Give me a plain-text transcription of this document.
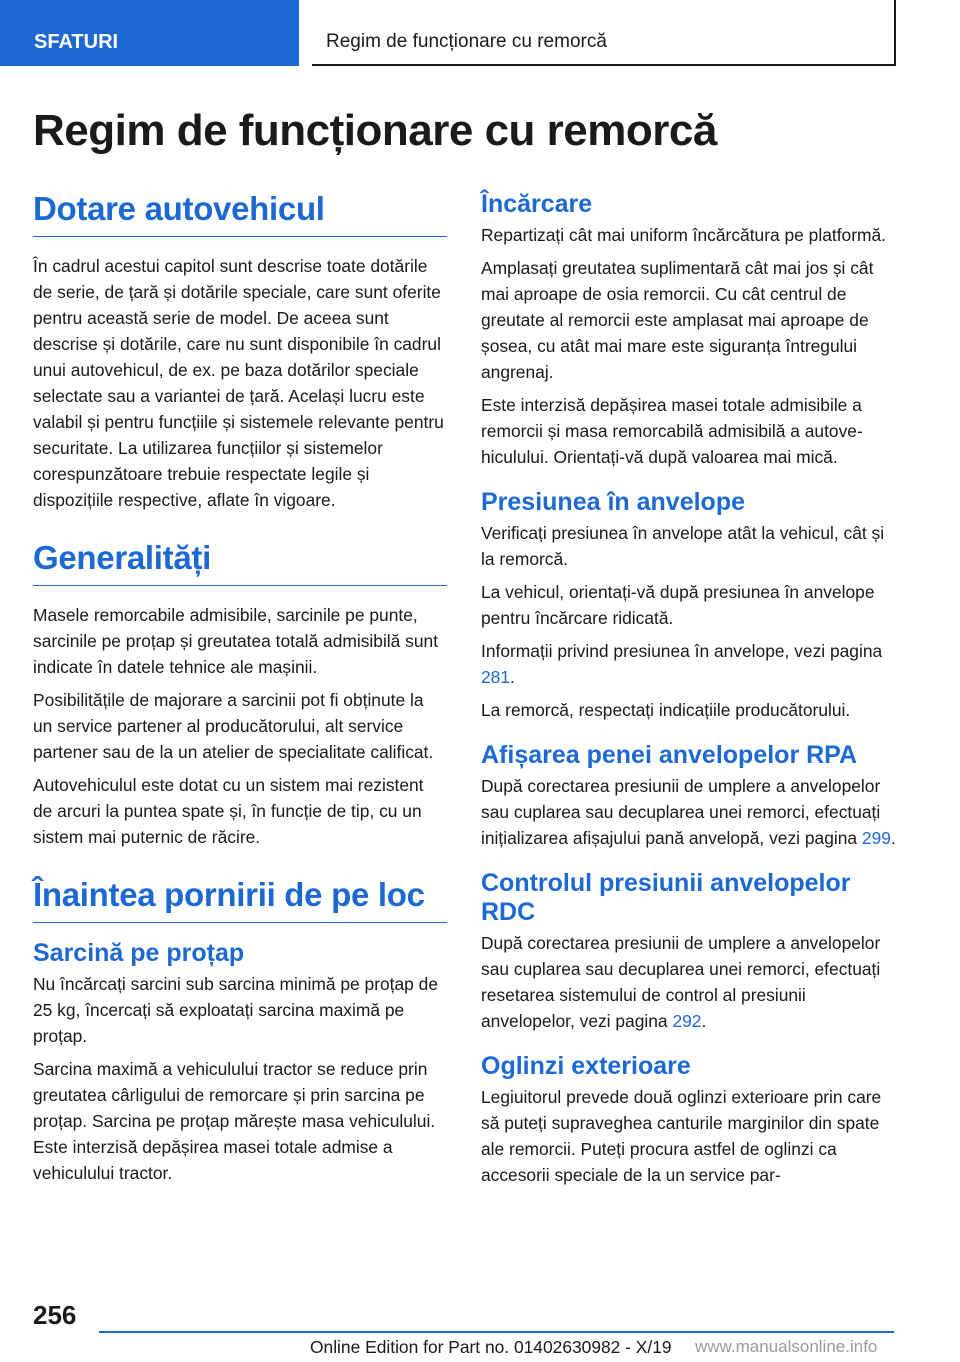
SFATURI	Regim de funcționare cu remorcă
Regim de funcționare cu remorcă
Dotare autovehicul

În cadrul acestui capitol sunt descrise toate dotările de serie, de țară și dotările speciale, care sunt oferite pentru această serie de model. De aceea sunt descrise și dotările, care nu sunt disponibile în cadrul unui autovehicul, de ex. pe baza dotărilor speciale selectate sau a variantei de țară. Același lucru este valabil și pentru funcțiile și sistemele relevante pentru securitate. La utilizarea funcțiilor și sistemelor corespunzătoare trebuie respectate legile și dispozițiile respective, aflate în vigoare.

Generalități

Masele remorcabile admisibile, sarcinile pe punte, sarcinile pe proțap și greutatea totală admisibilă sunt indicate în datele tehnice ale mașinii.

Posibilitățile de majorare a sarcinii pot fi obținute la un service partener al producătorului, alt service partener sau de la un atelier de specialitate calificat.

Autovehiculul este dotat cu un sistem mai rezistent de arcuri la puntea spate și, în funcție de tip, cu un sistem mai puternic de răcire.

Înaintea pornirii de pe loc
Sarcină pe proțap

Nu încărcați sarcini sub sarcina minimă pe proțap de 25 kg, încercați să exploatați sarcina maximă pe proțap.

Sarcina maximă a vehiculului tractor se reduce prin greutatea cârligului de remorcare și prin sarcina pe proțap. Sarcina pe proțap mărește masa vehiculului. Este interzisă depășirea masei totale admise a vehiculului tractor.

Încărcare

Repartizați cât mai uniform încărcătura pe platformă.

Amplasați greutatea suplimentară cât mai jos și cât mai aproape de osia remorcii. Cu cât centrul de greutate al remorcii este amplasat mai aproape de șosea, cu atât mai mare este siguranța întregului angrenaj.

Este interzisă depășirea masei totale admisibile a remorcii și masa remorcabilă admisibilă a autovehiculului. Orientați-vă după valoarea mai mică.

Presiunea în anvelope

Verificați presiunea în anvelope atât la vehicul, cât și la remorcă.

La vehicul, orientați-vă după presiunea în anvelope pentru încărcare ridicată.

Informații privind presiunea în anvelope, vezi pagina 281.

La remorcă, respectați indicațiile producătorului.

Afișarea penei anvelopelor RPA

După corectarea presiunii de umplere a anvelopelor sau cuplarea sau decuplarea unei remorci, efectuați inițializarea afișajului pană anvelopă, vezi pagina 299.

Controlul presiunii anvelopelor RDC

După corectarea presiunii de umplere a anvelopelor sau cuplarea sau decuplarea unei remorci, efectuați resetarea sistemului de control al presiunii anvelopelor, vezi pagina 292.

Oglinzi exterioare

Legiuitorul prevede două oglinzi exterioare prin care să puteți supraveghea canturile marginilor din spate ale remorcii. Puteți procura astfel de oglinzi ca accesorii speciale de la un service par-

256
Online Edition for Part no. 01402630982 - X/19 www.manualsonline.info
